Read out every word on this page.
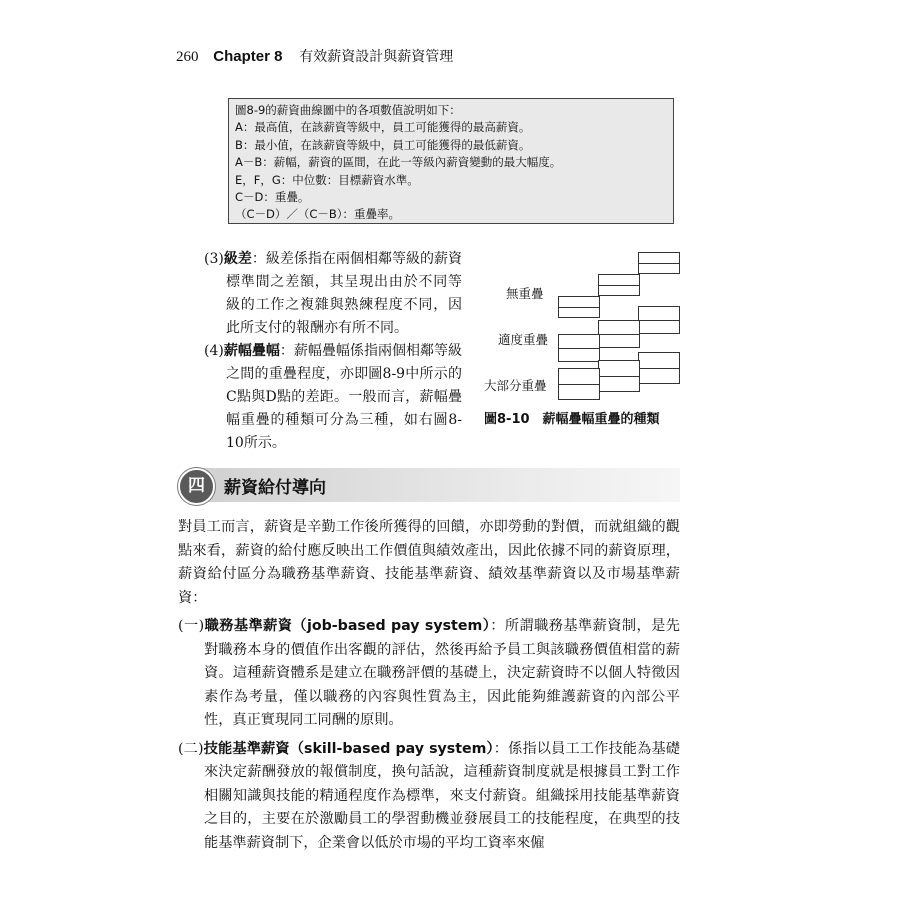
260 Chapter 8 有效薪資設計與薪資管理
圖8-9的薪資曲線圖中的各項數值說明如下：
A：最高值，在該薪資等級中，員工可能獲得的最高薪資。
B：最小值，在該薪資等級中，員工可能獲得的最低薪資。
A－B：薪幅，薪資的區間，在此一等級內薪資變動的最大幅度。
E，F，G：中位數：目標薪資水準。
C－D：重疊。
（C－D）／（C－B）：重疊率。

(3)級差：級差係指在兩個相鄰等級的薪資標準間之差額，其呈現出由於不同等級的工作之複雜與熟練程度不同，因此所支付的報酬亦有所不同。

(4)薪幅疊幅：薪幅疊幅係指兩個相鄰等級之間的重疊程度，亦即圖8-9中所示的C點與D點的差距。一般而言，薪幅疊幅重疊的種類可分為三種，如右圖8-10所示。

無重疊
適度重疊
大部分重疊
圖8-10　薪幅疊幅重疊的種類
四	薪資給付導向

對員工而言，薪資是辛勤工作後所獲得的回饋，亦即勞動的對價，而就組織的觀點來看，薪資的給付應反映出工作價值與績效產出，因此依據不同的薪資原理，薪資給付區分為職務基準薪資、技能基準薪資、績效基準薪資以及市場基準薪資：

(一)職務基準薪資（job-based pay system）：所謂職務基準薪資制，是先對職務本身的價值作出客觀的評估，然後再給予員工與該職務價值相當的薪資。這種薪資體系是建立在職務評價的基礎上，決定薪資時不以個人特徵因素作為考量，僅以職務的內容與性質為主，因此能夠維護薪資的內部公平性，真正實現同工同酬的原則。

(二)技能基準薪資（skill-based pay system）：係指以員工工作技能為基礎來決定薪酬發放的報償制度，換句話說，這種薪資制度就是根據員工對工作相關知識與技能的精通程度作為標準，來支付薪資。組織採用技能基準薪資之目的，主要在於激勵員工的學習動機並發展員工的技能程度，在典型的技能基準薪資制下，企業會以低於市場的平均工資率來僱
